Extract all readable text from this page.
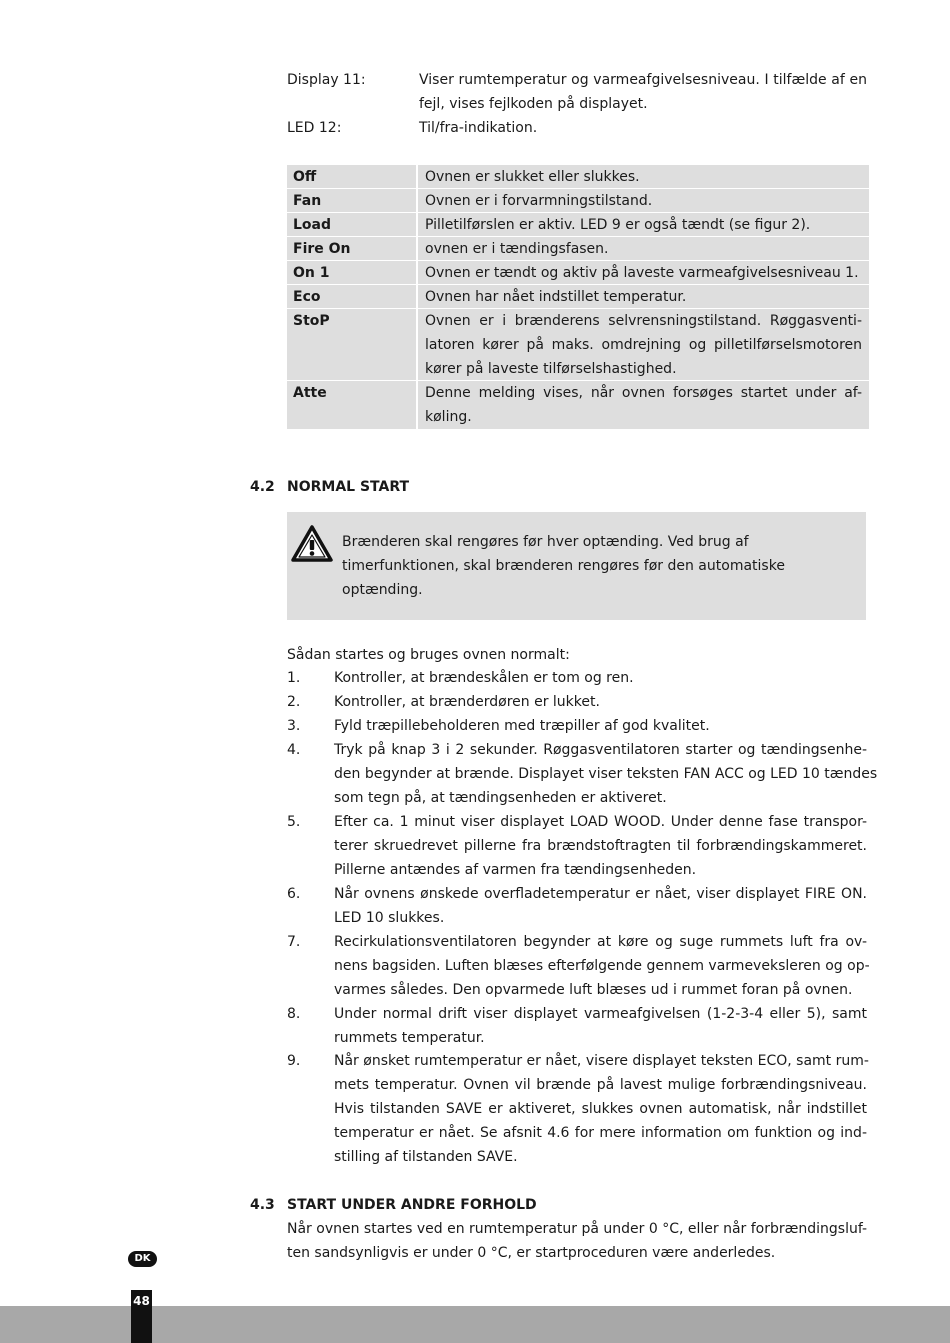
Display 11:	Viser rumtemperatur og varmeafgivelsesniveau. I tilfælde af en
fejl, vises fejlkoden på displayet.
LED 12:	Til/fra-indikation.
Off	Ovnen er slukket eller slukkes.
Fan	Ovnen er i forvarmningstilstand.
Load	Pilletilførslen er aktiv. LED 9 er også tændt (se figur 2).
Fire On	ovnen er i tændingsfasen.
On 1	Ovnen er tændt og aktiv på laveste varmeafgivelsesniveau 1.
Eco	Ovnen har nået indstillet temperatur.
StoP	Ovnen er i brænderens selvrensningstilstand. Røggasventi-
latoren kører på maks. omdrejning og pilletilførselsmotoren
kører på laveste tilførselshastighed.
Atte	Denne melding vises, når ovnen forsøges startet under af-
køling.
4.2 NORMAL START
Brænderen skal rengøres før hver optænding. Ved brug af
timerfunktionen, skal brænderen rengøres før den automatiske
optænding.
Sådan startes og bruges ovnen normalt:
1. Kontroller, at brændeskålen er tom og ren.
2. Kontroller, at brænderdøren er lukket.
3. Fyld træpillebeholderen med træpiller af god kvalitet.
4. Tryk på knap 3 i 2 sekunder. Røggasventilatoren starter og tændingsenhe-
den begynder at brænde. Displayet viser teksten FAN ACC og LED 10 tændes
som tegn på, at tændingsenheden er aktiveret.
5. Efter ca. 1 minut viser displayet LOAD WOOD. Under denne fase transpor-
terer skruedrevet pillerne fra brændstoftragten til forbrændingskammeret.
Pillerne antændes af varmen fra tændingsenheden.
6. Når ovnens ønskede overfladetemperatur er nået, viser displayet FIRE ON.
LED 10 slukkes.
7. Recirkulationsventilatoren begynder at køre og suge rummets luft fra ov-
nens bagsiden. Luften blæses efterfølgende gennem varmeveksleren og op-
varmes således. Den opvarmede luft blæses ud i rummet foran på ovnen.
8. Under normal drift viser displayet varmeafgivelsen (1-2-3-4 eller 5), samt
rummets temperatur.
9. Når ønsket rumtemperatur er nået, visere displayet teksten ECO, samt rum-
mets temperatur. Ovnen vil brænde på lavest mulige forbrændingsniveau.
Hvis tilstanden SAVE er aktiveret, slukkes ovnen automatisk, når indstillet
temperatur er nået. Se afsnit 4.6 for mere information om funktion og ind-
stilling af tilstanden SAVE.
4.3 START UNDER ANDRE FORHOLD
Når ovnen startes ved en rumtemperatur på under 0 °C, eller når forbrændingsluf-
ten sandsynligvis er under 0 °C, er startproceduren være anderledes.
DK
48
